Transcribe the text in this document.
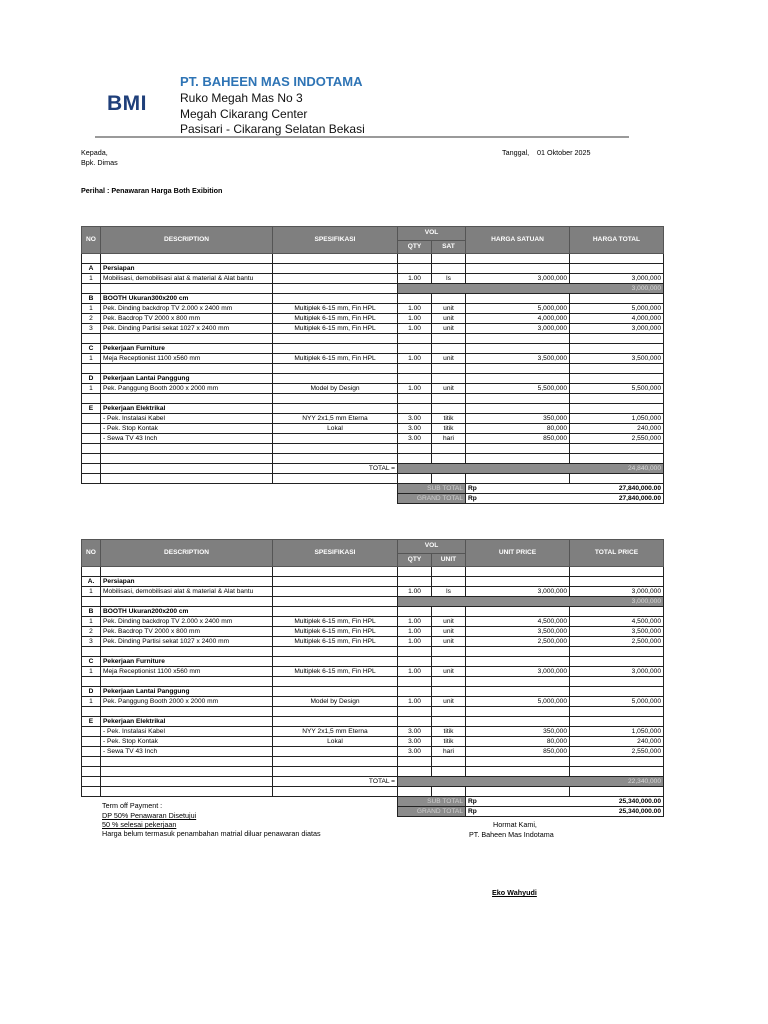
BMI
PT. BAHEEN MAS INDOTAMA
Ruko Megah Mas No 3
Megah Cikarang Center
Pasisari - Cikarang Selatan Bekasi
Kepada,
Bpk. Dimas
Tanggal, 01 Oktober 2025
Perihal : Penawaran Harga Both Exibition
NO	DESCRIPTION	SPESIFIKASI	VOL		HARGA SATUAN	HARGA TOTAL
			QTY	SAT		

A	Persiapan					
1	Mobilisasi, demobilisasi alat & material & Alat bantu		1.00	ls	3,000,000	3,000,000
			3,000,000			
B	BOOTH Ukuran300x200 cm					
1	Pek. Dinding backdrop TV 2.000 x 2400 mm	Multiplek 6-15 mm, Fin HPL	1.00	unit	5,000,000	5,000,000
2	Pek. Bacdrop TV 2000 x 800 mm	Multiplek 6-15 mm, Fin HPL	1.00	unit	4,000,000	4,000,000
3	Pek. Dinding Partisi sekat 1027 x 2400 mm	Multiplek 6-15 mm, Fin HPL	1.00	unit	3,000,000	3,000,000

C	Pekerjaan Furniture					
1	Meja Receptionist 1100 x560 mm	Multiplek 6-15 mm, Fin HPL	1.00	unit	3,500,000	3,500,000

D	Pekerjaan Lantai Panggung					
1	Pek. Panggung Booth 2000 x 2000 mm	Model by Design	1.00	unit	5,500,000	5,500,000

E	Pekerjaan Elektrikal					
	- Pek. Instalasi Kabel	NYY 2x1,5 mm Eterna	3.00	titik	350,000	1,050,000
	- Pek. Stop Kontak	Lokal	3.00	titik	80,000	240,000
	- Sewa TV 43 Inch		3.00	hari	850,000	2,550,000

		TOTAL =	24,840,000			

			SUB TOTAL		Rp 27,840,000.00	

			GRAND TOTAL		Rp 27,840,000.00	
NO	DESCRIPTION	SPESIFIKASI	VOL		UNIT PRICE	TOTAL PRICE
			QTY	UNIT		

A.	Persiapan					
1	Mobilisasi, demobilisasi alat & material & Alat bantu		1.00	ls	3,000,000	3,000,000
			3,000,000			
B	BOOTH Ukuran200x200 cm					
1	Pek. Dinding backdrop TV 2.000 x 2400 mm	Multiplek 6-15 mm, Fin HPL	1.00	unit	4,500,000	4,500,000
2	Pek. Bacdrop TV 2000 x 800 mm	Multiplek 6-15 mm, Fin HPL	1.00	unit	3,500,000	3,500,000
3	Pek. Dinding Partisi sekat 1027 x 2400 mm	Multiplek 6-15 mm, Fin HPL	1.00	unit	2,500,000	2,500,000

C	Pekerjaan Furniture					
1	Meja Receptionist 1100 x560 mm	Multiplek 6-15 mm, Fin HPL	1.00	unit	3,000,000	3,000,000

D	Pekerjaan Lantai Panggung					
1	Pek. Panggung Booth 2000 x 2000 mm	Model by Design	1.00	unit	5,000,000	5,000,000

E	Pekerjaan Elektrikal					
	- Pek. Instalasi Kabel	NYY 2x1,5 mm Eterna	3.00	titik	350,000	1,050,000
	- Pek. Stop Kontak	Lokal	3.00	titik	80,000	240,000
	- Sewa TV 43 Inch		3.00	hari	850,000	2,550,000

		TOTAL =	22,340,000			

			SUB TOTAL		Rp 25,340,000.00	

			GRAND TOTAL		Rp 25,340,000.00	
Term off Payment :
DP 50% Penawaran Disetujui
50 % selesai pekerjaan
Harga belum termasuk penambahan matrial diluar penawaran diatas
Hormat Kami,
PT. Baheen Mas Indotama
Eko Wahyudi
